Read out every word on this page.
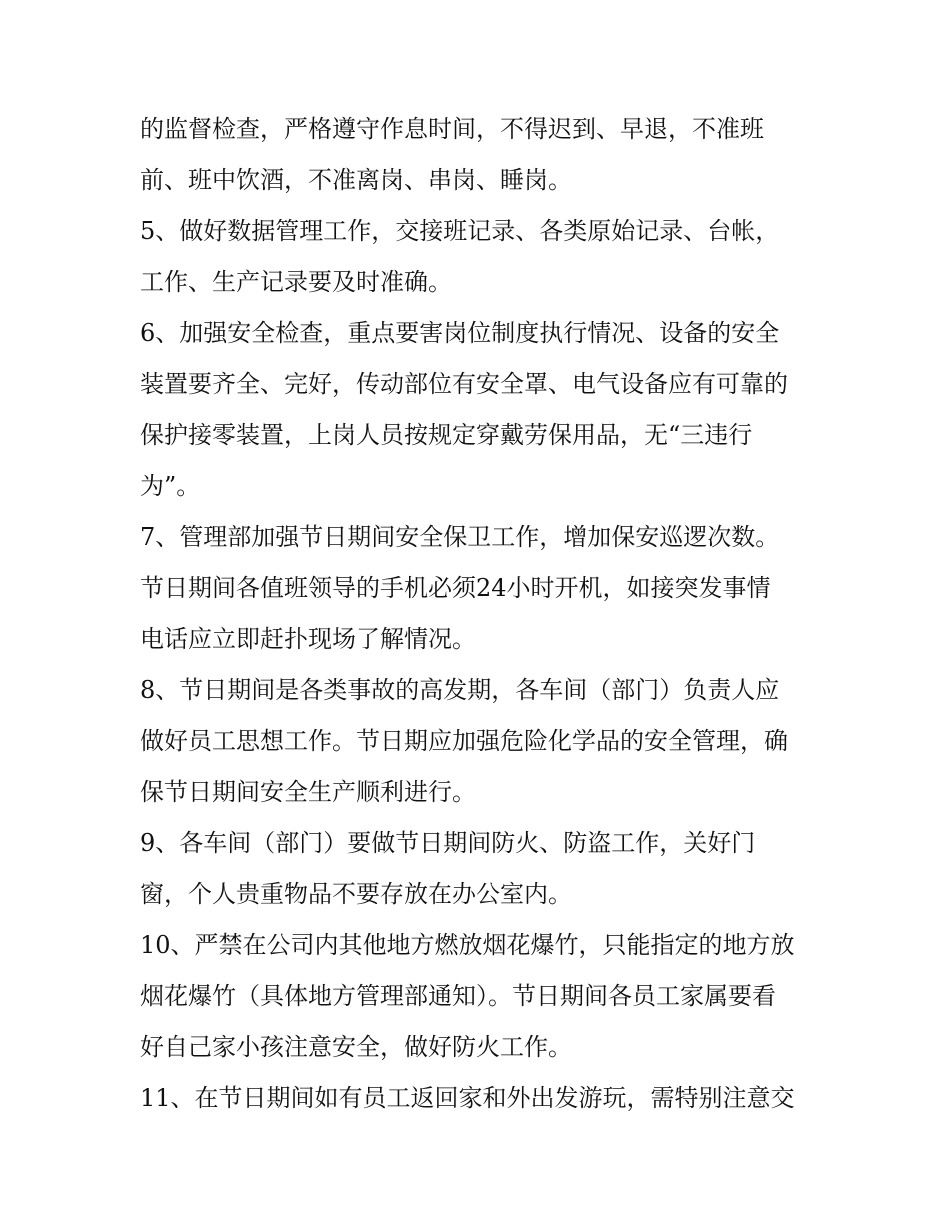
的监督检查，严格遵守作息时间，不得迟到、早退，不准班
前、班中饮酒，不准离岗、串岗、睡岗。
5、做好数据管理工作，交接班记录、各类原始记录、台帐，
工作、生产记录要及时准确。
6、加强安全检查，重点要害岗位制度执行情况、设备的安全
装置要齐全、完好，传动部位有安全罩、电气设备应有可靠的
保护接零装置，上岗人员按规定穿戴劳保用品，无“三违行
为”。
7、管理部加强节日期间安全保卫工作，增加保安巡逻次数。
节日期间各值班领导的手机必须24小时开机，如接突发事情
电话应立即赶扑现场了解情况。
8、节日期间是各类事故的高发期，各车间（部门）负责人应
做好员工思想工作。节日期应加强危险化学品的安全管理，确
保节日期间安全生产顺利进行。
9、各车间（部门）要做节日期间防火、防盗工作，关好门
窗，个人贵重物品不要存放在办公室内。
10、严禁在公司内其他地方燃放烟花爆竹，只能指定的地方放
烟花爆竹（具体地方管理部通知）。节日期间各员工家属要看
好自己家小孩注意安全，做好防火工作。
11、在节日期间如有员工返回家和外出发游玩，需特别注意交
